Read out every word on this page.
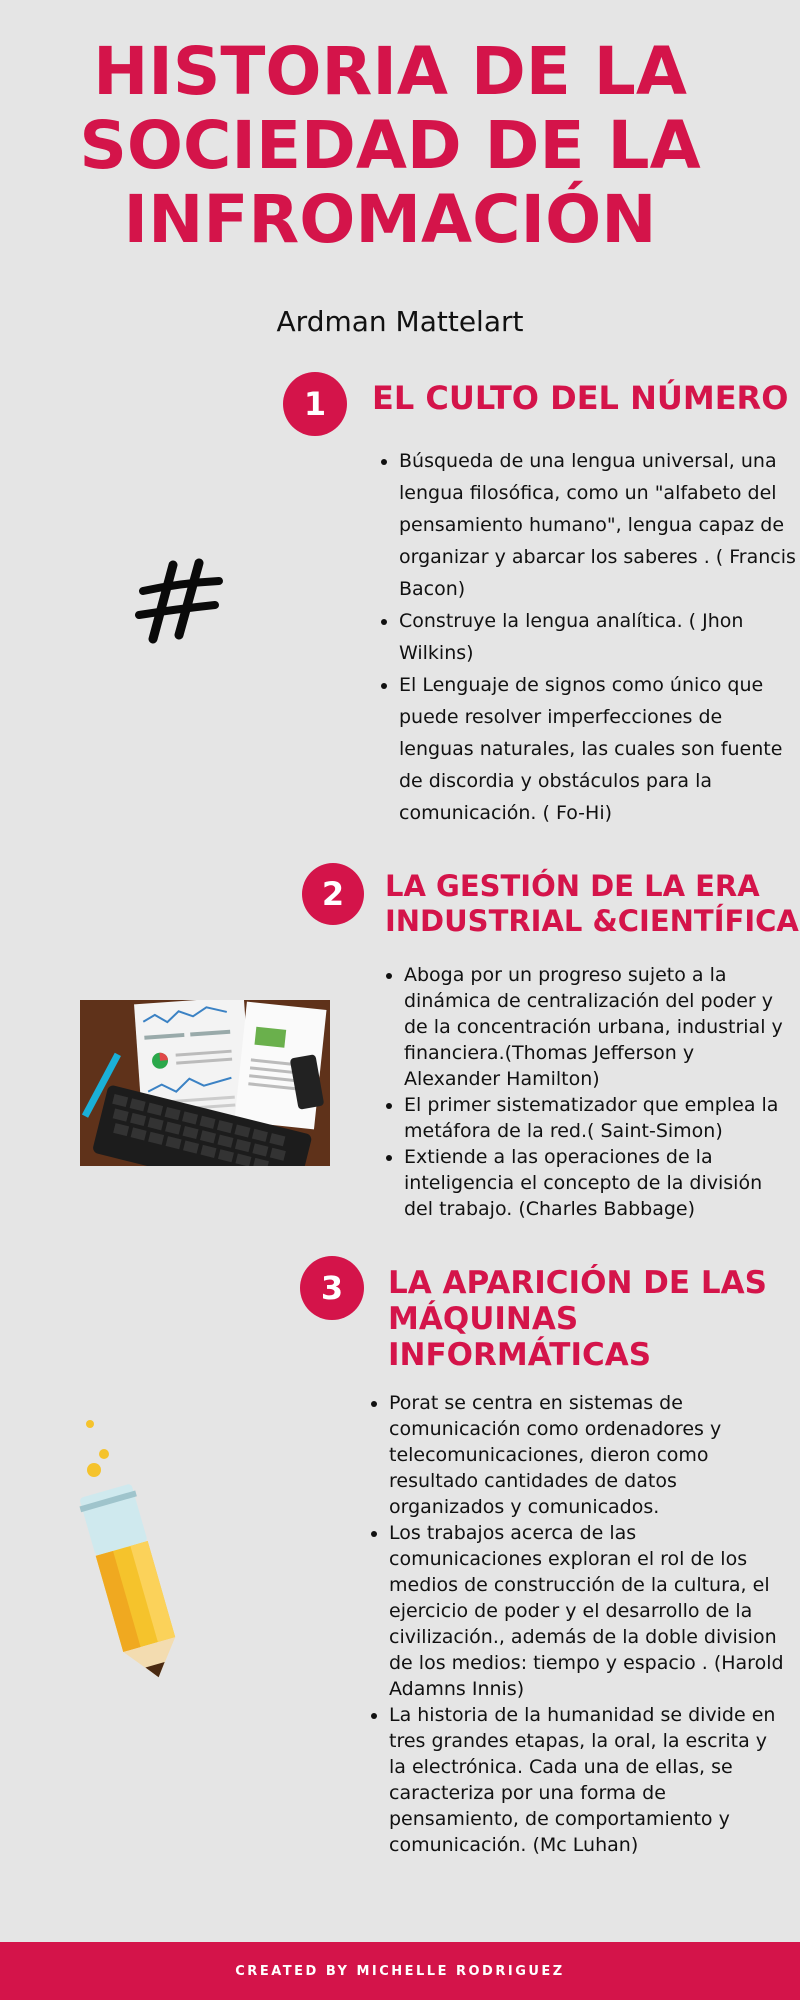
HISTORIA DE LA
SOCIEDAD DE LA
INFROMACIÓN
Ardman Mattelart
1	EL CULTO DEL NÚMERO
• Búsqueda de una lengua universal, una lengua filosófica, como un "alfabeto del pensamiento humano", lengua capaz de organizar y abarcar los saberes . ( Francis Bacon)
• Construye la lengua analítica. ( Jhon Wilkins)
• El Lenguaje de signos como único que puede resolver imperfecciones de lenguas naturales, las cuales son fuente de discordia y obstáculos para la comunicación. ( Fo-Hi)
2	LA GESTIÓN DE LA ERA
INDUSTRIAL &CIENTÍFICA
• Aboga por un progreso sujeto a la dinámica de centralización del poder y de la concentración urbana, industrial y financiera.(Thomas Jefferson y Alexander Hamilton)
• El primer sistematizador que emplea la metáfora de la red.( Saint-Simon)
• Extiende a las operaciones de la inteligencia el concepto de la división del trabajo. (Charles Babbage)
3	LA APARICIÓN DE LAS
MÁQUINAS
INFORMÁTICAS
• Porat se centra en sistemas de comunicación como ordenadores y telecomunicaciones, dieron como resultado cantidades de datos organizados y comunicados.
• Los trabajos acerca de las comunicaciones exploran el rol de los medios de construcción de la cultura, el ejercicio de poder y el desarrollo de la civilización., además de la doble division de los medios: tiempo y espacio . (Harold Adamns Innis)
• La historia de la humanidad se divide en tres grandes etapas, la oral, la escrita y la electrónica. Cada una de ellas, se caracteriza por una forma de pensamiento, de comportamiento y comunicación. (Mc Luhan)
CREATED BY MICHELLE RODRIGUEZ
